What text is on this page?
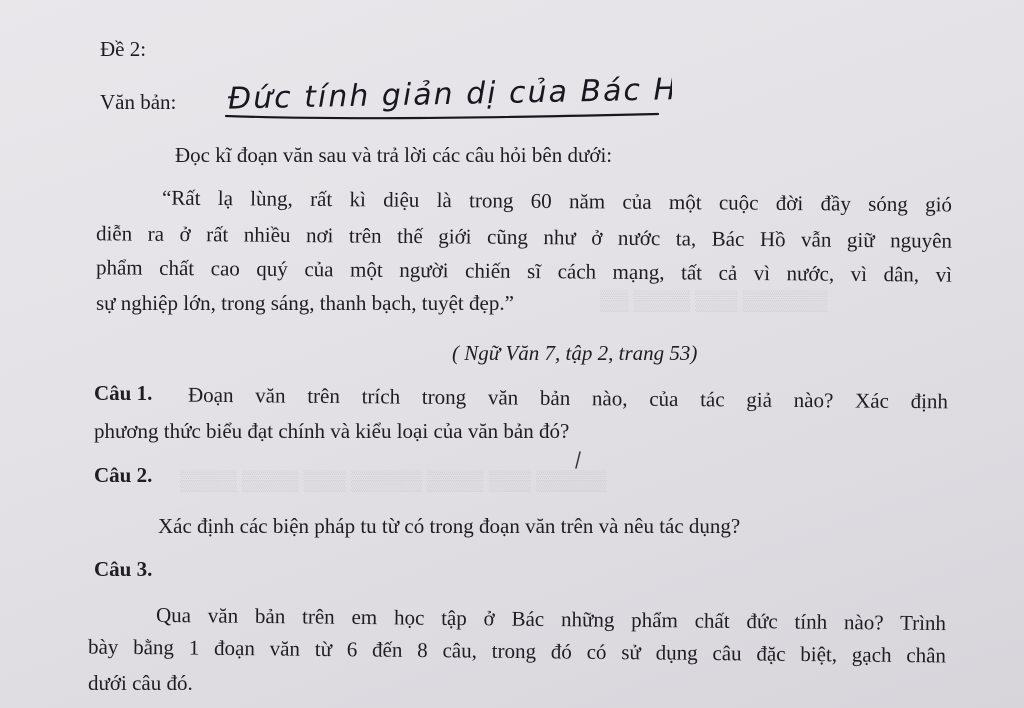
▒▒▒▒▒ ▒▒▒ ▒▒▒▒ ▒▒▒▒▒ ▒▒▒ ▒▒▒▒ ▒▒▒▒
▒▒▒▒▒▒ ▒▒▒ ▒▒▒▒ ▒▒
Đề 2:
Văn bản: Đức tính giản dị của Bác Hồ.
Đọc kĩ đoạn văn sau và trả lời các câu hỏi bên dưới:
“Rất lạ lùng, rất kì diệu là trong 60 năm của một cuộc đời đầy sóng gió
diễn ra ở rất nhiều nơi trên thế giới cũng như ở nước ta, Bác Hồ vẫn giữ nguyên
phẩm chất cao quý của một người chiến sĩ cách mạng, tất cả vì nước, vì dân, vì
sự nghiệp lớn, trong sáng, thanh bạch, tuyệt đẹp.”
( Ngữ Văn 7, tập 2, trang 53)
Câu 1. Đoạn văn trên trích trong văn bản nào, của tác giả nào? Xác định
phương thức biểu đạt chính và kiểu loại của văn bản đó?
Câu 2.
Xác định các biện pháp tu từ có trong đoạn văn trên và nêu tác dụng?
Câu 3.
Qua văn bản trên em học tập ở Bác những phẩm chất đức tính nào? Trình
bày bằng 1 đoạn văn từ 6 đến 8 câu, trong đó có sử dụng câu đặc biệt, gạch chân
dưới câu đó.
